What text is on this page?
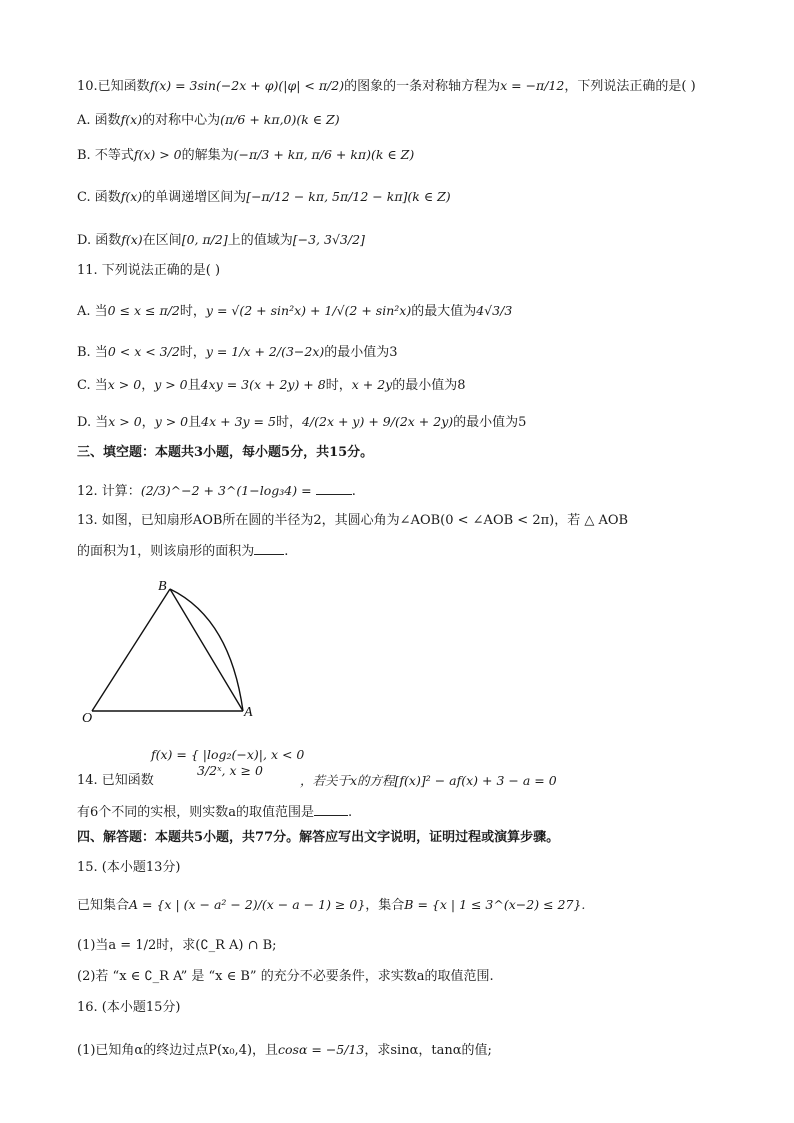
10.已知函数f(x) = 3sin(−2x + φ)(|φ| < π/2)的图象的一条对称轴方程为x = −π/12，下列说法正确的是( )
A. 函数f(x)的对称中心为(π/6 + kπ,0)(k ∈ Z)
B. 不等式f(x) > 0的解集为(−π/3 + kπ, π/6 + kπ)(k ∈ Z)
C. 函数f(x)的单调递增区间为[−π/12 − kπ, 5π/12 − kπ](k ∈ Z)
D. 函数f(x)在区间[0, π/2]上的值域为[−3, 3√3/2]
11. 下列说法正确的是( )
A. 当0 ≤ x ≤ π/2时，y = √(2 + sin²x) + 1/√(2 + sin²x)的最大值为4√3/3
B. 当0 < x < 3/2时，y = 1/x + 2/(3−2x)的最小值为3
C. 当x > 0，y > 0且4xy = 3(x + 2y) + 8时，x + 2y的最小值为8
D. 当x > 0，y > 0且4x + 3y = 5时，4/(2x + y) + 9/(2x + 2y)的最小值为5
三、填空题：本题共3小题，每小题5分，共15分。
12. 计算：(2/3)^−2 + 3^(1−log₃4) =	.
13. 如图，已知扇形AOB所在圆的半径为2，其圆心角为∠AOB(0 < ∠AOB < 2π)，若 △ AOB
的面积为1，则该扇形的面积为 .
B
O	A
f(x) = { |log₂(−x)|, x < 0
3/2ˣ, x ≥ 0
14. 已知函数	，若关于x的方程[f(x)]² − af(x) + 3 − a = 0
有6个不同的实根，则实数a的取值范围是	.
四、解答题：本题共5小题，共77分。解答应写出文字说明，证明过程或演算步骤。
15. (本小题13分)
已知集合A = {x | (x − a² − 2)/(x − a − 1) ≥ 0}，集合B = {x | 1 ≤ 3^(x−2) ≤ 27}.
(1)当a = 1/2时，求(∁_R A) ∩ B;
(2)若 “x ∈ ∁_R A” 是 “x ∈ B” 的充分不必要条件，求实数a的取值范围.
16. (本小题15分)
(1)已知角α的终边过点P(x₀,4)，且cosα = −5/13，求sinα，tanα的值;
